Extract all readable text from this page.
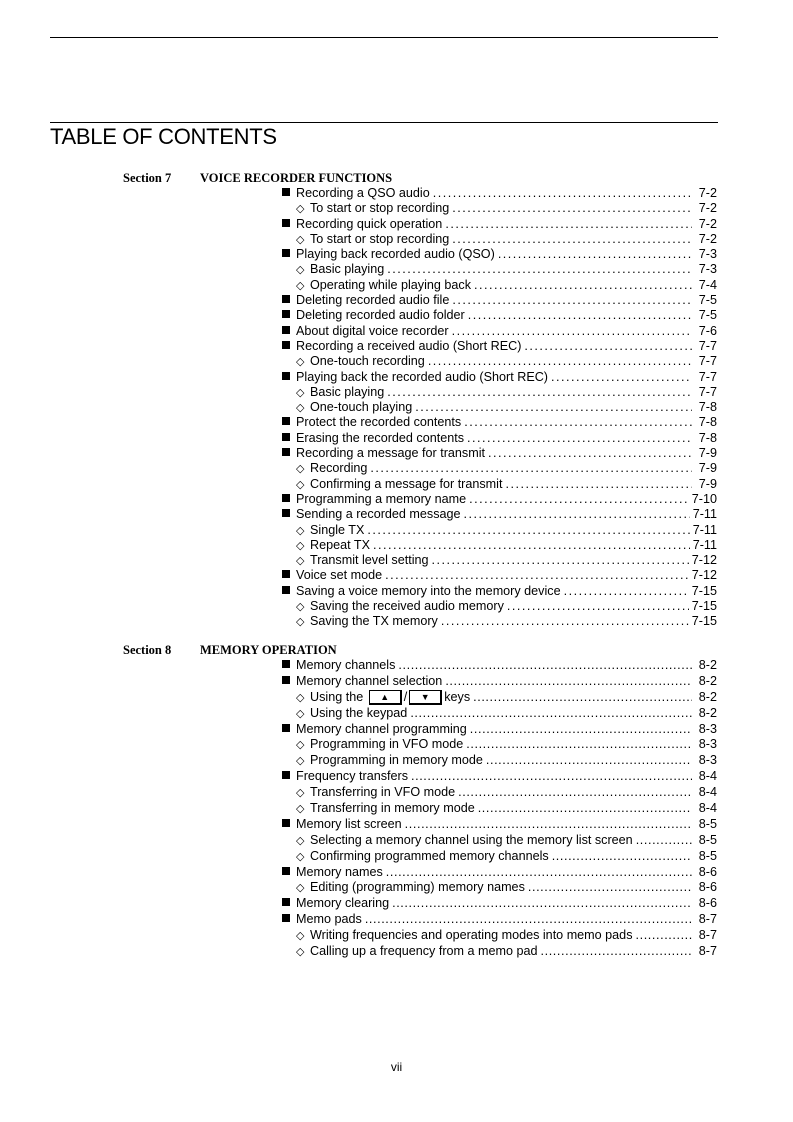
TABLE OF CONTENTS
Section 7 VOICE RECORDER FUNCTIONS
Recording a QSO audio .....	7-2
◇
To start or stop recording .....	7-2
Recording quick operation .....	7-2
◇
To start or stop recording .....	7-2
Playing back recorded audio (QSO) .....	7-3
◇
Basic playing .....	7-3
◇
Operating while playing back .....	7-4
Deleting recorded audio file .....	7-5
Deleting recorded audio folder .....	7-5
About digital voice recorder .....	7-6
Recording a received audio (Short REC) .....	7-7
◇
One-touch recording .....	7-7
Playing back the recorded audio (Short REC) .....	7-7
◇
Basic playing .....	7-7
◇
One-touch playing .....	7-8
Protect the recorded contents .....	7-8
Erasing the recorded contents .....	7-8
Recording a message for transmit .....	7-9
◇
Recording .....	7-9
◇
Confirming a message for transmit .....	7-9
Programming a memory name .....	7-10
Sending a recorded message .....	7-11
◇
Single TX .....	7-11
◇
Repeat TX .....	7-11
◇
Transmit level setting .....	7-12
Voice set mode .....	7-12
Saving a voice memory into the memory device .....	7-15
◇
Saving the received audio memory .....	7-15
◇
Saving the TX memory .....	7-15
Section 8 MEMORY OPERATION
Memory channels .....	8-2
Memory channel selection .....	8-2
◇
Using the ▲ / ▼ keys .....	8-2
◇
Using the keypad .....	8-2
Memory channel programming .....	8-3
◇
Programming in VFO mode .....	8-3
◇
Programming in memory mode .....	8-3
Frequency transfers .....	8-4
◇
Transferring in VFO mode .....	8-4
◇
Transferring in memory mode .....	8-4
Memory list screen .....	8-5
◇
Selecting a memory channel using the memory list screen .....	8-5
◇
Confirming programmed memory channels .....	8-5
Memory names .....	8-6
◇
Editing (programming) memory names .....	8-6
Memory clearing .....	8-6
Memo pads .....	8-7
◇
Writing frequencies and operating modes into memo pads .....	8-7
◇
Calling up a frequency from a memo pad .....	8-7
vii
